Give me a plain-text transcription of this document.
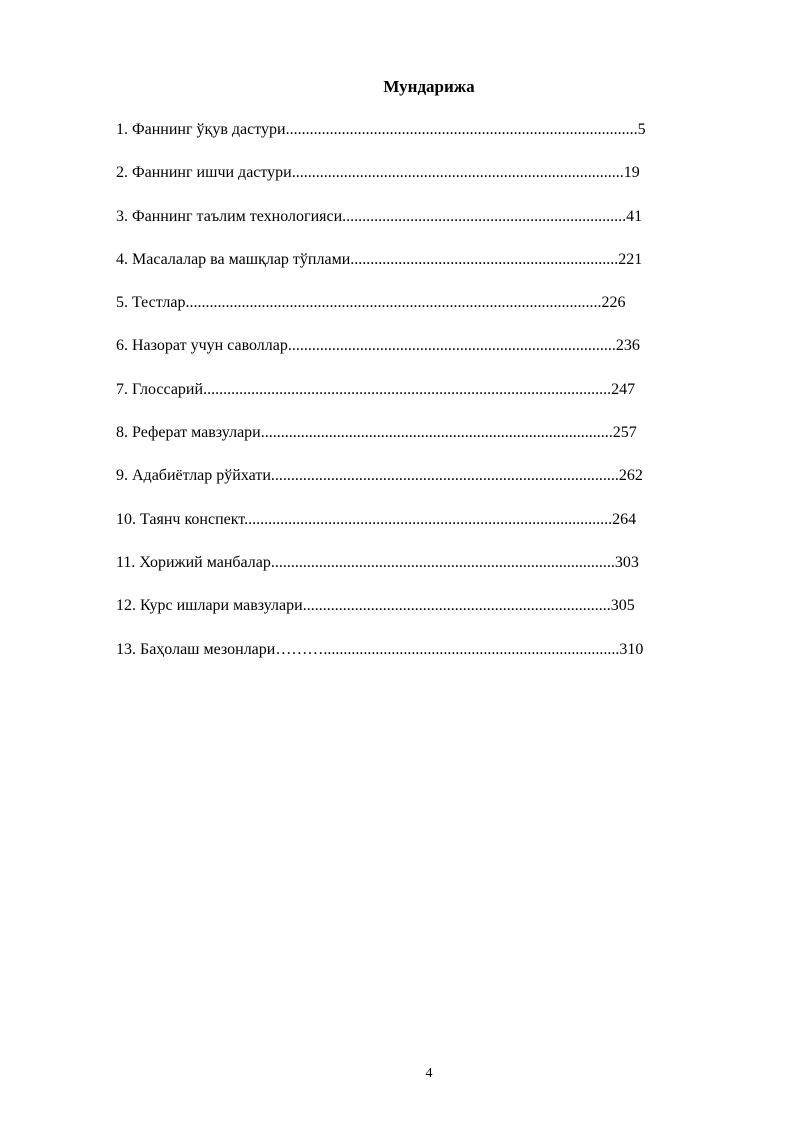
Мундарижа
1. Фаннинг ўқув дастури........................................................................................5
2. Фаннинг ишчи дастури...................................................................................19
3. Фаннинг таълим технологияси.......................................................................41
4. Масалалар ва машқлар тўплами...................................................................221
5. Тестлар........................................................................................................226
6. Назорат учун саволлар..................................................................................236
7. Глоссарий......................................................................................................247
8. Реферат мавзулари........................................................................................257
9. Адабиётлар рўйхати.......................................................................................262
10. Таянч конспект............................................................................................264
11. Хорижий манбалар......................................................................................303
12. Курс ишлари мавзулари.............................................................................305
13. Баҳолаш мезонлари………..........................................................................310
4
